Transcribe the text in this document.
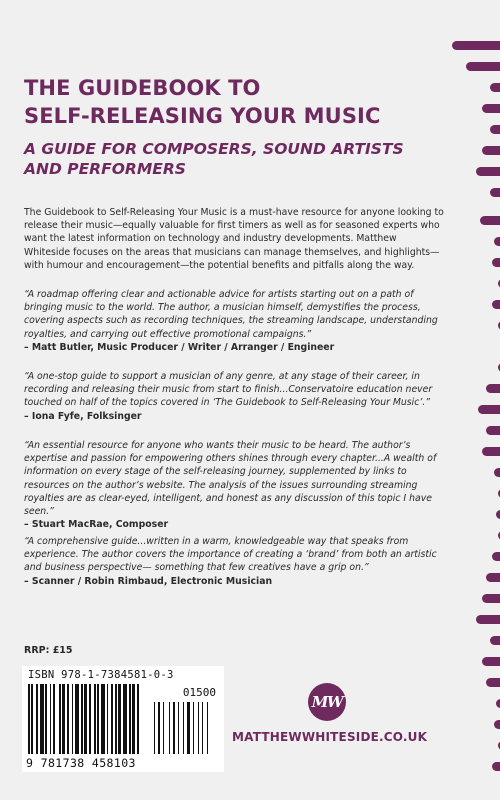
THE GUIDEBOOK TO
SELF-RELEASING YOUR MUSIC
A GUIDE FOR COMPOSERS, SOUND ARTISTS
AND PERFORMERS

The Guidebook to Self-Releasing Your Music is a must-have resource for anyone looking to release their music—equally valuable for first timers as well as for seasoned experts who want the latest information on technology and industry developments. Matthew Whiteside focuses on the areas that musicians can manage themselves, and highlights—with humour and encouragement—the potential benefits and pitfalls along the way.

“A roadmap offering clear and actionable advice for artists starting out on a path of bringing music to the world. The author, a musician himself, demystifies the process, covering aspects such as recording techniques, the streaming landscape, understanding royalties, and carrying out effective promotional campaigns.”
– Matt Butler, Music Producer / Writer / Arranger / Engineer

“A one-stop guide to support a musician of any genre, at any stage of their career, in recording and releasing their music from start to finish...Conservatoire education never touched on half of the topics covered in ‘The Guidebook to Self-Releasing Your Music’.”
– Iona Fyfe, Folksinger

“An essential resource for anyone who wants their music to be heard. The author’s expertise and passion for empowering others shines through every chapter...A wealth of information on every stage of the self-releasing journey, supplemented by links to resources on the author’s website. The analysis of the issues surrounding streaming royalties are as clear-eyed, intelligent, and honest as any discussion of this topic I have seen.”
– Stuart MacRae, Composer

“A comprehensive guide...written in a warm, knowledgeable way that speaks from experience. The author covers the importance of creating a ‘brand’ from both an artistic and business perspective— something that few creatives have a grip on.”
– Scanner / Robin Rimbaud, Electronic Musician

RRP: £15

ISBN 978-1-7384581-0-3
01500
9 781738 458103
MW
MATTHEWWHITESIDE.CO.UK
